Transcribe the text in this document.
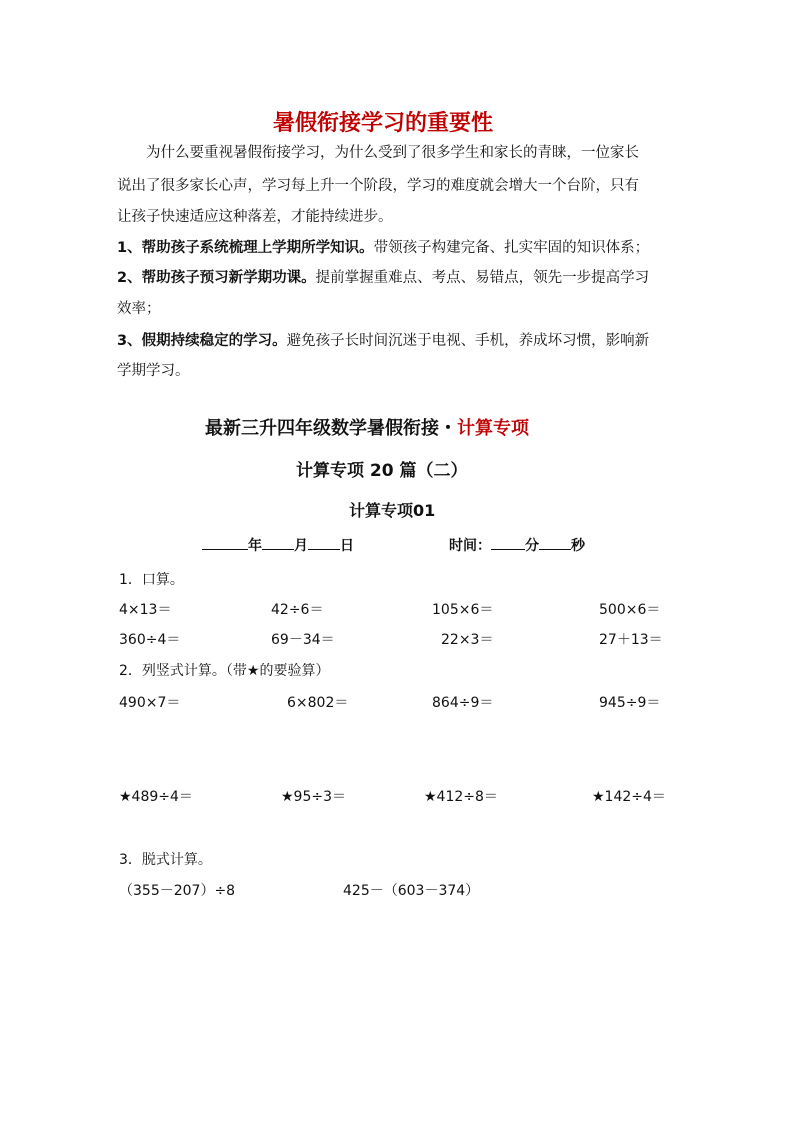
暑假衔接学习的重要性
为什么要重视暑假衔接学习，为什么受到了很多学生和家长的青睐，一位家长
说出了很多家长心声，学习每上升一个阶段，学习的难度就会增大一个台阶，只有
让孩子快速适应这种落差，才能持续进步。
1、帮助孩子系统梳理上学期所学知识。带领孩子构建完备、扎实牢固的知识体系；
2、帮助孩子预习新学期功课。提前掌握重难点、考点、易错点，领先一步提高学习
效率；
3、假期持续稳定的学习。避免孩子长时间沉迷于电视、手机，养成坏习惯，影响新
学期学习。
最新三升四年级数学暑假衔接・计算专项
计算专项 20 篇（二）
计算专项01
年 月 日	时间： 分 秒
1．口算。
4×13＝	42÷6＝	105×6＝	500×6＝
360÷4＝	69－34＝	22×3＝	27＋13＝
2．列竖式计算。（带★的要验算）
490×7＝	6×802＝	864÷9＝	945÷9＝
★489÷4＝	★95÷3＝	★412÷8＝	★142÷4＝
3．脱式计算。
（355－207）÷8	425－（603－374）
